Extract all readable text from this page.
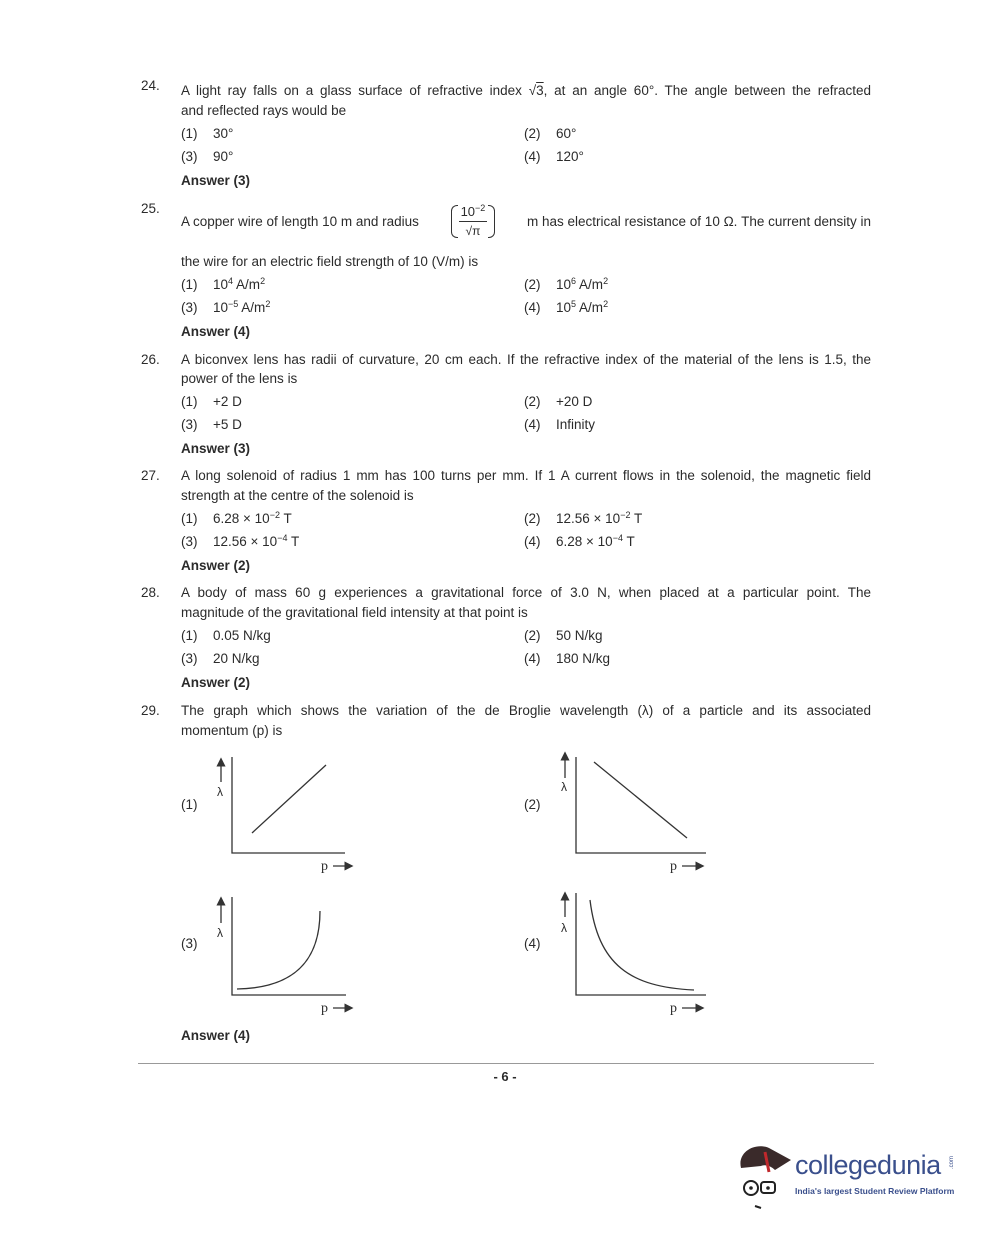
24. A light ray falls on a glass surface of refractive index √3, at an angle 60°. The angle between the refracted
and reflected rays would be
(1) 30°	(2) 60°
(3) 90°	(4) 120°
Answer (3)
25.
A copper wire of length 10 m and radius $\frac{10^{-2}}{√\pi}$ m has electrical resistance of 10 Ω. The current density in
the wire for an electric field strength of 10 (V/m) is
(1) $10^4$ $A/m^2$	(2) $10^6$ $A/m^2$
(3) $10^{-5}$ $A/m^2$	(4) $10^5$ $A/m^2$
Answer (4)
26. A biconvex lens has radii of curvature, 20 cm each. If the refractive index of the material of the lens is 1.5, the
power of the lens is
(1) +2 D	(2) +20 D
(3) +5 D	(4) Infinity
Answer (3)
27. A long solenoid of radius 1 mm has 100 turns per mm. If 1 A current flows in the solenoid, the magnetic field
strength at the centre of the solenoid is
(1) $6.28 \times 10^{-2}$ T	(2) $12.56 \times 10^{-2}$ T
(3) $12.56 \times 10^{-4}$ T	(4) $6.28 \times 10^{-4}$ T
Answer (2)
28. A body of mass 60 g experiences a gravitational force of 3.0 N, when placed at a particular point. The
magnitude of the gravitational field intensity at that point is
(1) 0.05 N/kg	(2) 50 N/kg
(3) 20 N/kg	(4) 180 N/kg
Answer (2)
29. The graph which shows the variation of the de Broglie wavelength (λ) of a particle and its associated
momentum (p) is
(1)	(2)
(3)	(4)
λ
p
λ
p
λ
p
λ
p
Answer (4)
- 6 -
collegedunia .com
India's largest Student Review Platform
